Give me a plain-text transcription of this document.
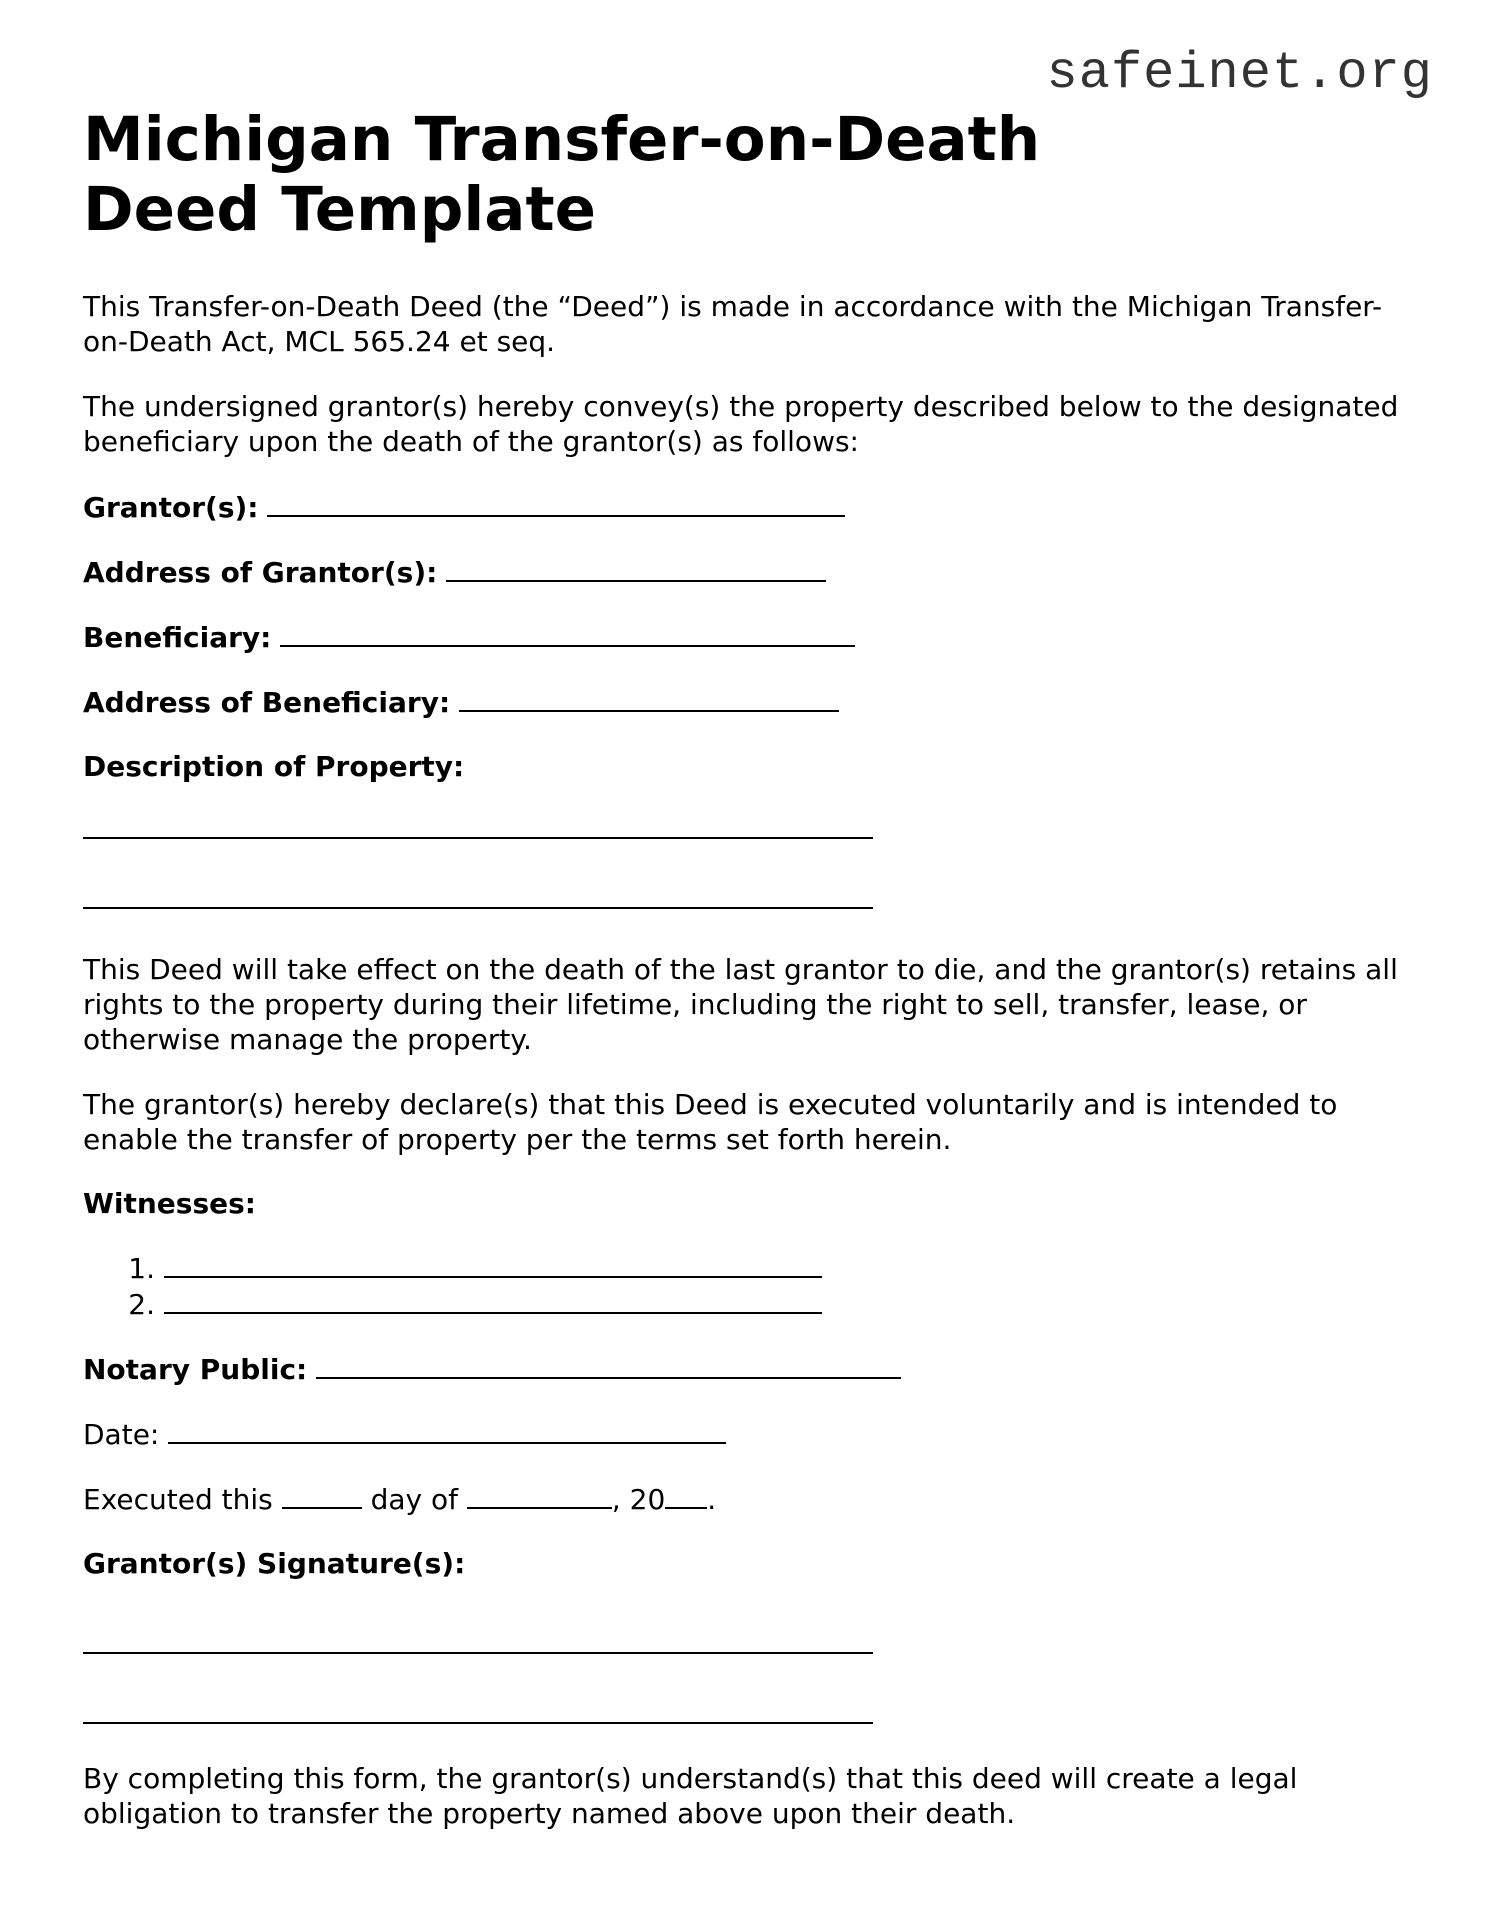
safeinet.org
Michigan Transfer-on-Death Deed Template

This Transfer-on-Death Deed (the “Deed”) is made in accordance with the Michigan Transfer-on-Death Act, MCL 565.24 et seq.

The undersigned grantor(s) hereby convey(s) the property described below to the designated beneficiary upon the death of the grantor(s) as follows:

Grantor(s):
Address of Grantor(s):
Beneficiary:
Address of Beneficiary:
Description of Property:

This Deed will take effect on the death of the last grantor to die, and the grantor(s) retains all rights to the property during their lifetime, including the right to sell, transfer, lease, or otherwise manage the property.

The grantor(s) hereby declare(s) that this Deed is executed voluntarily and is intended to enable the transfer of property per the terms set forth herein.

Witnesses:
1.
2.
Notary Public:
Date:
Executed this	day of	, 20 .
Grantor(s) Signature(s):

By completing this form, the grantor(s) understand(s) that this deed will create a legal obligation to transfer the property named above upon their death.
